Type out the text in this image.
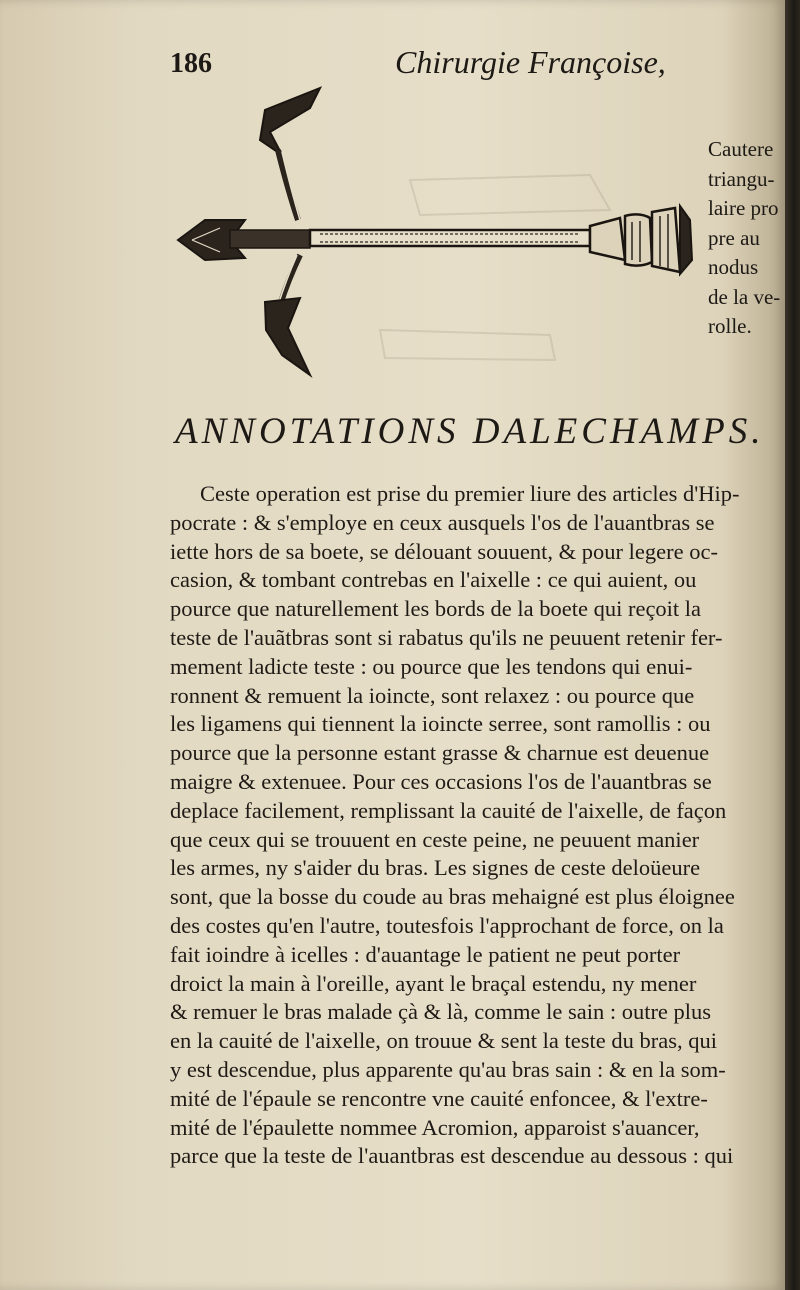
186	Chirurgie Françoise,
Cautere
triangu-
laire pro
pre au
nodus
de la ve-
rolle.
ANNOTATIONS DALECHAMPS.
Ceste operation est prise du premier liure des articles d'Hip-
pocrate : & s'employe en ceux ausquels l'os de l'auantbras se
iette hors de sa boete, se délouant souuent, & pour legere oc-
casion, & tombant contrebas en l'aixelle : ce qui auient, ou
pource que naturellement les bords de la boete qui reçoit la
teste de l'auãtbras sont si rabatus qu'ils ne peuuent retenir fer-
mement ladicte teste : ou pource que les tendons qui enui-
ronnent & remuent la ioincte, sont relaxez : ou pource que
les ligamens qui tiennent la ioincte serree, sont ramollis : ou
pource que la personne estant grasse & charnue est deuenue
maigre & extenuee. Pour ces occasions l'os de l'auantbras se
deplace facilement, remplissant la cauité de l'aixelle, de façon
que ceux qui se trouuent en ceste peine, ne peuuent manier
les armes, ny s'aider du bras. Les signes de ceste deloüeure
sont, que la bosse du coude au bras mehaigné est plus éloignee
des costes qu'en l'autre, toutesfois l'approchant de force, on la
fait ioindre à icelles : d'auantage le patient ne peut porter
droict la main à l'oreille, ayant le braçal estendu, ny mener
& remuer le bras malade çà & là, comme le sain : outre plus
en la cauité de l'aixelle, on trouue & sent la teste du bras, qui
y est descendue, plus apparente qu'au bras sain : & en la som-
mité de l'épaule se rencontre vne cauité enfoncee, & l'extre-
mité de l'épaulette nommee Acromion, apparoist s'auancer,
parce que la teste de l'auantbras est descendue au dessous : qui
